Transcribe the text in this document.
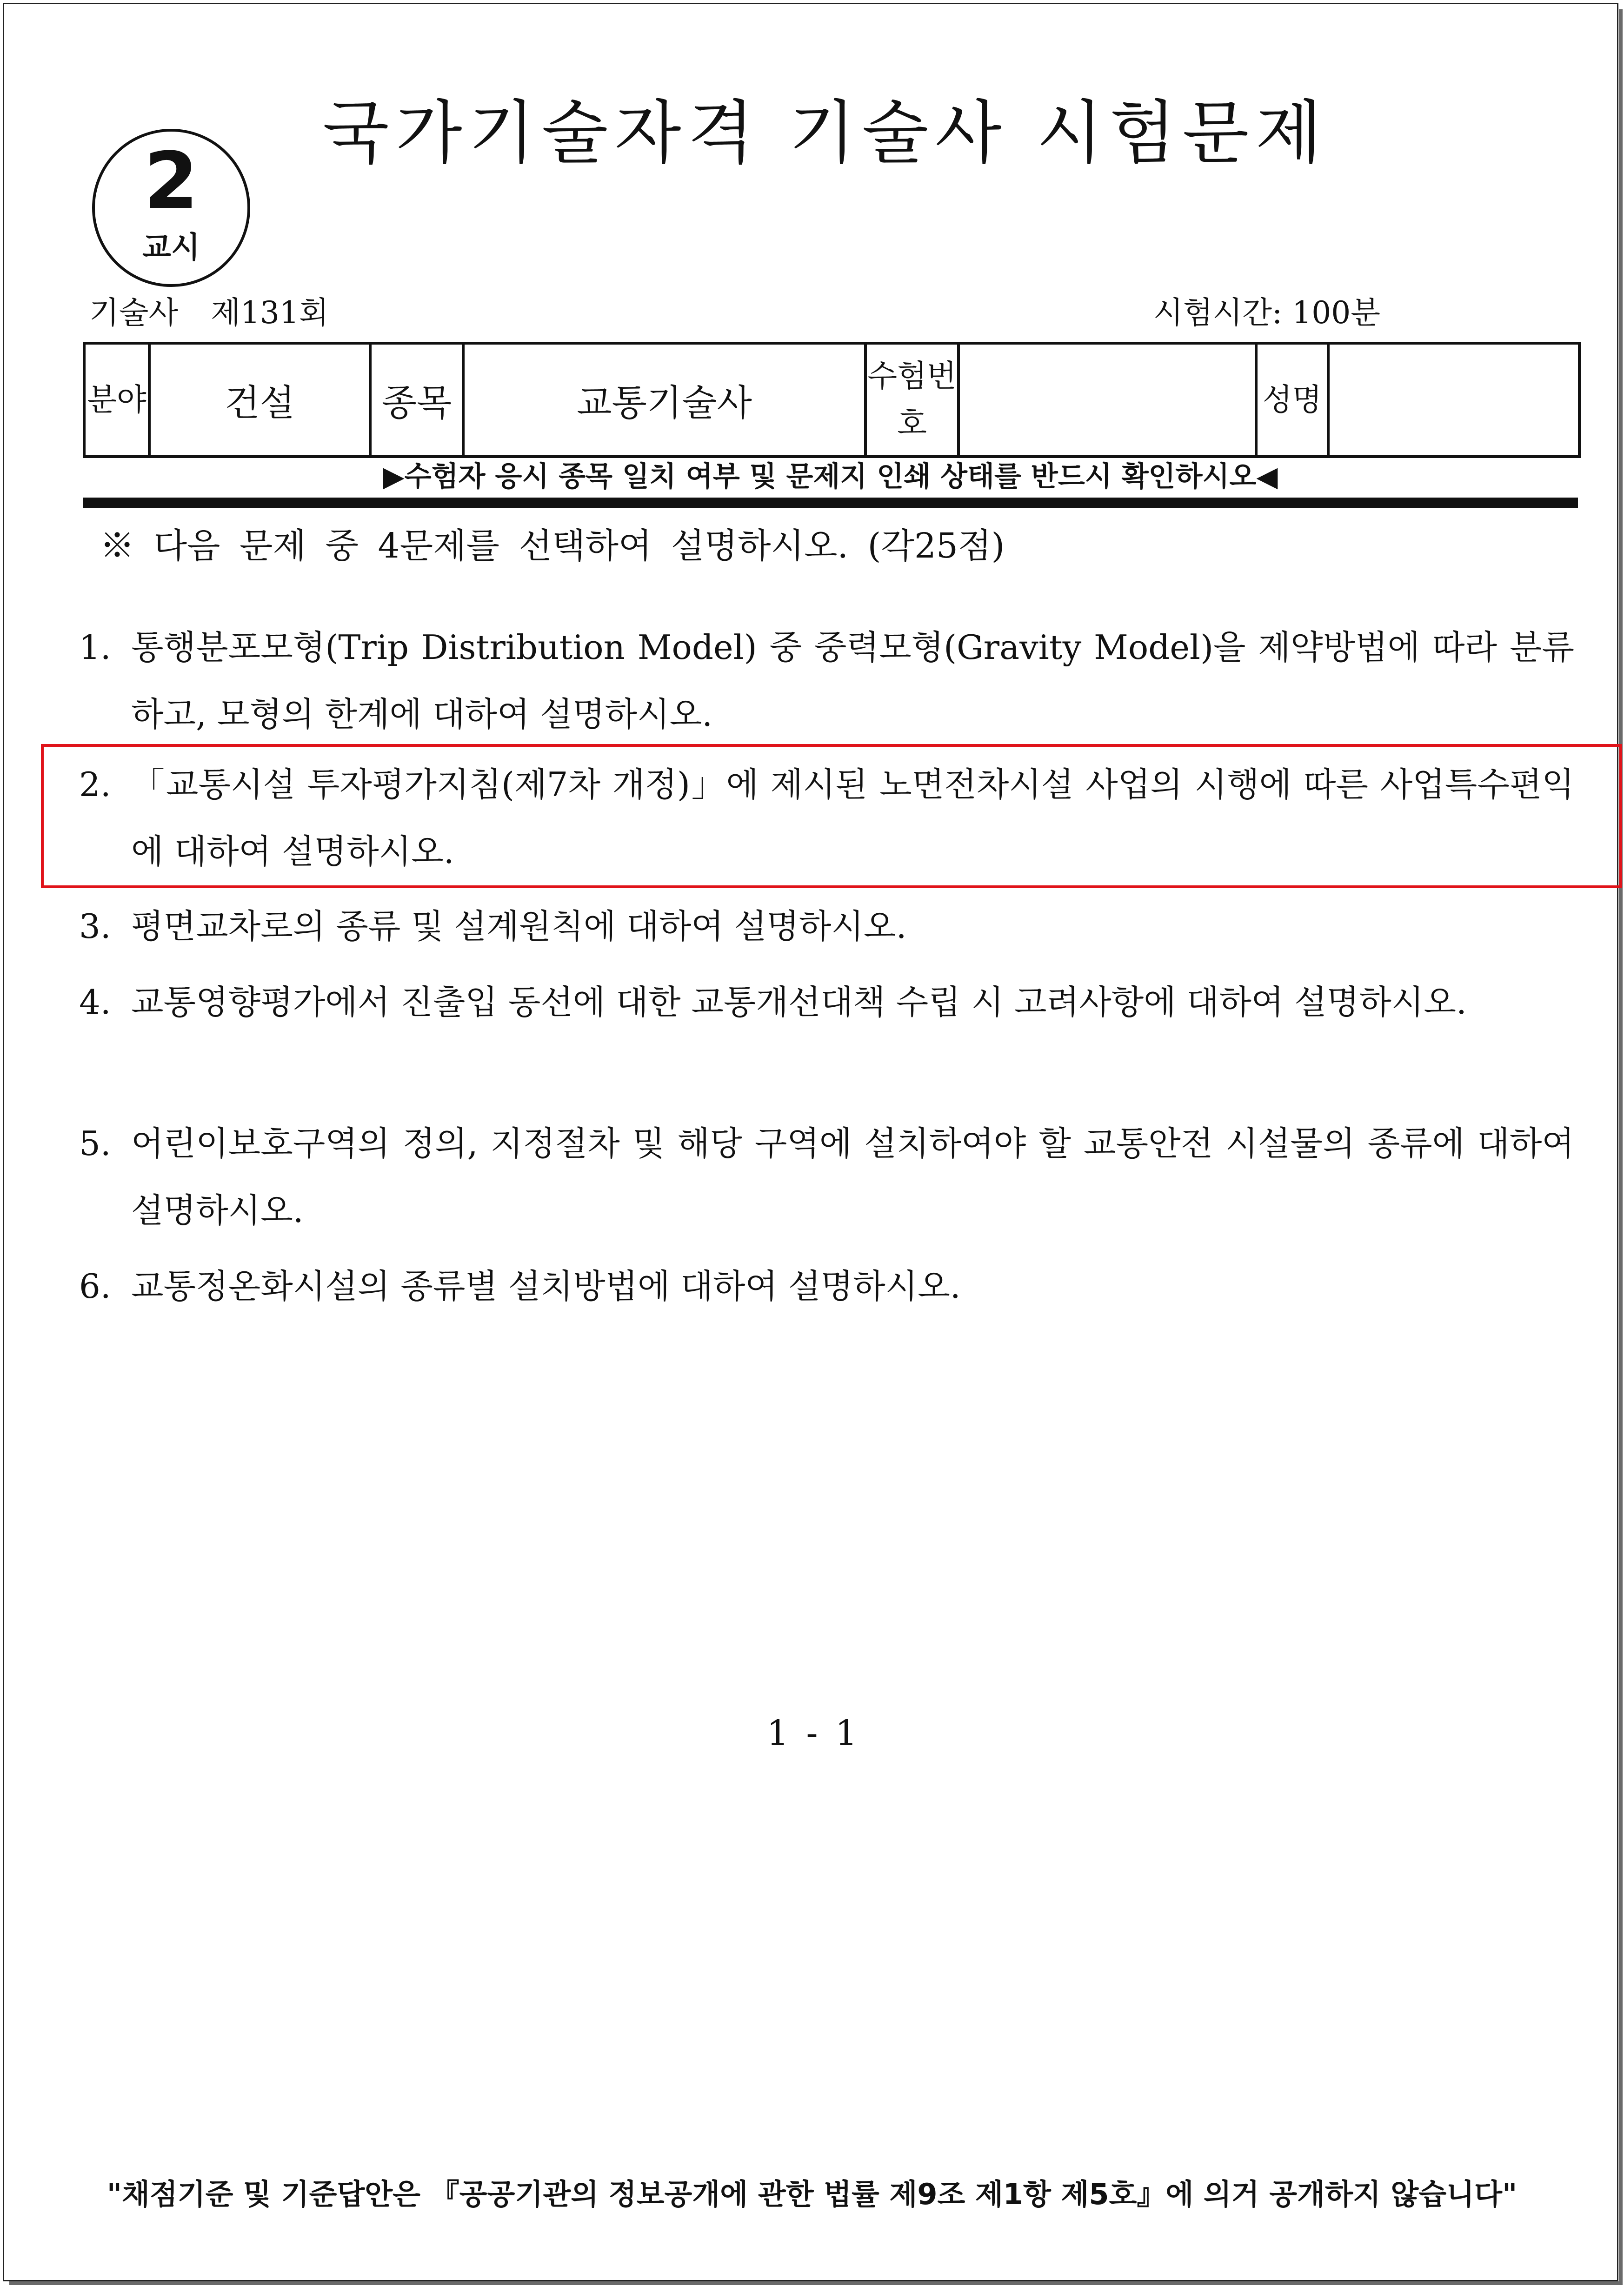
2
교시
국가기술자격 기술사 시험문제
기술사 제131회	시험시간: 100분
분야	건설	종목	교통기술사	수험번호		성명	
▶수험자 응시 종목 일치 여부 및 문제지 인쇄 상태를 반드시 확인하시오◀
※ 다음 문제 중 4문제를 선택하여 설명하시오. (각25점)
1. 통행분포모형(Trip Distribution Model) 중 중력모형(Gravity Model)을 제약방법에 따라 분류하고, 모형의 한계에 대하여 설명하시오.
2. 「교통시설 투자평가지침(제7차 개정)」에 제시된 노면전차시설 사업의 시행에 따른 사업특수편익에 대하여 설명하시오.
3. 평면교차로의 종류 및 설계원칙에 대하여 설명하시오.
4. 교통영향평가에서 진출입 동선에 대한 교통개선대책 수립 시 고려사항에 대하여 설명하시오.
5. 어린이보호구역의 정의, 지정절차 및 해당 구역에 설치하여야 할 교통안전 시설물의 종류에 대하여 설명하시오.
6. 교통정온화시설의 종류별 설치방법에 대하여 설명하시오.
1 - 1
"채점기준 및 기준답안은 『공공기관의 정보공개에 관한 법률 제9조 제1항 제5호』에 의거 공개하지 않습니다"
